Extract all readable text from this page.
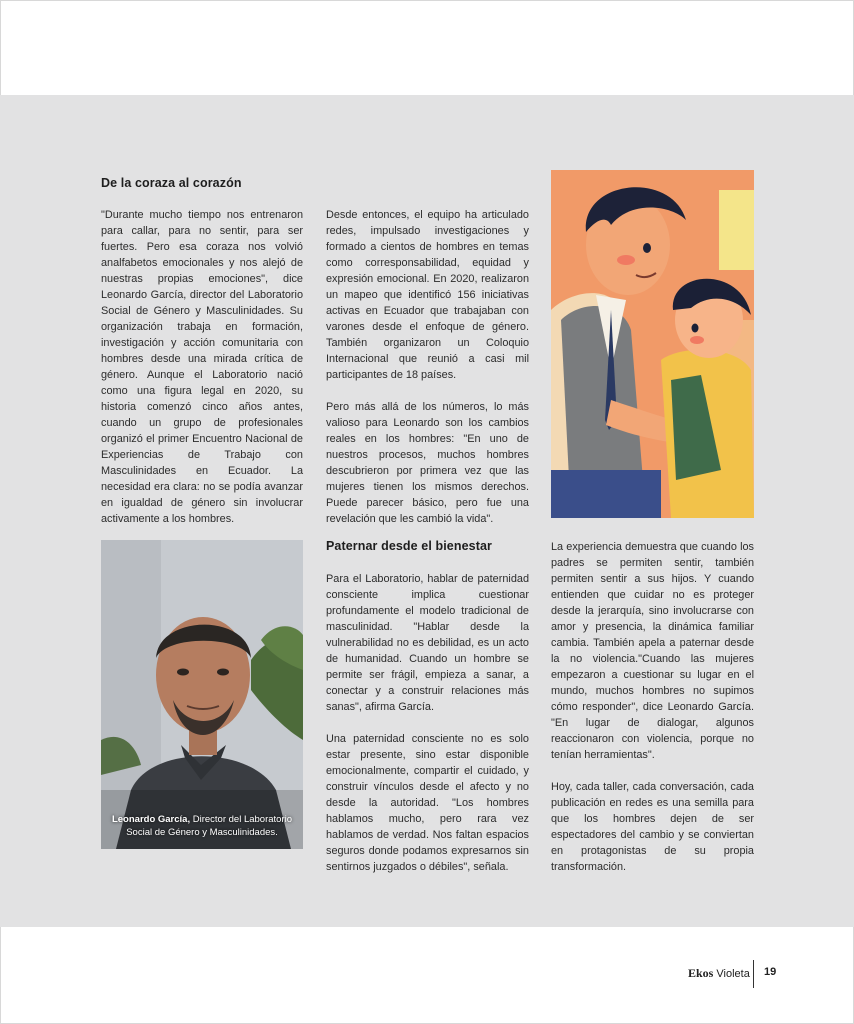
De la coraza al corazón

"Durante mucho tiempo nos entrenaron para callar, para no sentir, para ser fuertes. Pero esa coraza nos volvió analfabetos emocionales y nos alejó de nuestras propias emociones", dice Leonardo García, director del Laboratorio Social de Género y Masculinidades. Su organización trabaja en formación, investigación y acción comunitaria con hombres desde una mirada crítica de género. Aunque el Laboratorio nació como una figura legal en 2020, su historia comenzó cinco años antes, cuando un grupo de profesionales organizó el primer Encuentro Nacional de Experiencias de Trabajo con Masculinidades en Ecuador. La necesidad era clara: no se podía avanzar en igualdad de género sin involucrar activamente a los hombres.

Leonardo García, Director del Laboratorio Social de Género y Masculinidades.

Desde entonces, el equipo ha articulado redes, impulsado investigaciones y formado a cientos de hombres en temas como corresponsabilidad, equidad y expresión emocional. En 2020, realizaron un mapeo que identificó 156 iniciativas activas en Ecuador que trabajaban con varones desde el enfoque de género. También organizaron un Coloquio Internacional que reunió a casi mil participantes de 18 países.

Pero más allá de los números, lo más valioso para Leonardo son los cambios reales en los hombres: "En uno de nuestros procesos, muchos hombres descubrieron por primera vez que las mujeres tienen los mismos derechos. Puede parecer básico, pero fue una revelación que les cambió la vida".

Paternar desde el bienestar

Para el Laboratorio, hablar de paternidad consciente implica cuestionar profundamente el modelo tradicional de masculinidad. "Hablar desde la vulnerabilidad no es debilidad, es un acto de humanidad. Cuando un hombre se permite ser frágil, empieza a sanar, a conectar y a construir relaciones más sanas", afirma García.

Una paternidad consciente no es solo estar presente, sino estar disponible emocionalmente, compartir el cuidado, y construir vínculos desde el afecto y no desde la autoridad. "Los hombres hablamos mucho, pero rara vez hablamos de verdad. Nos faltan espacios seguros donde podamos expresarnos sin sentirnos juzgados o débiles", señala.

La experiencia demuestra que cuando los padres se permiten sentir, también permiten sentir a sus hijos. Y cuando entienden que cuidar no es proteger desde la jerarquía, sino involucrarse con amor y presencia, la dinámica familiar cambia. También apela a paternar desde la no violencia."Cuando las mujeres empezaron a cuestionar su lugar en el mundo, muchos hombres no supimos cómo responder", dice Leonardo García. "En lugar de dialogar, algunos reaccionaron con violencia, porque no tenían herramientas".

Hoy, cada taller, cada conversación, cada publicación en redes es una semilla para que los hombres dejen de ser espectadores del cambio y se conviertan en protagonistas de su propia transformación.

Ekos Violeta 19
